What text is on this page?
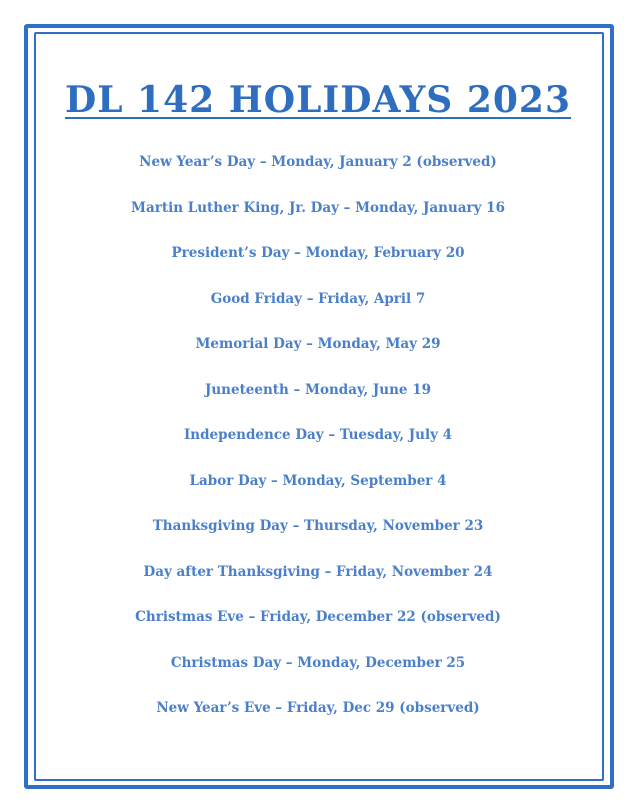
DL 142 HOLIDAYS 2023
New Year’s Day – Monday, January 2 (observed)
Martin Luther King, Jr. Day – Monday, January 16
President’s Day – Monday, February 20
Good Friday – Friday, April 7
Memorial Day – Monday, May 29
Juneteenth – Monday, June 19
Independence Day – Tuesday, July 4
Labor Day – Monday, September 4
Thanksgiving Day – Thursday, November 23
Day after Thanksgiving – Friday, November 24
Christmas Eve – Friday, December 22 (observed)
Christmas Day – Monday, December 25
New Year’s Eve – Friday, Dec 29 (observed)
